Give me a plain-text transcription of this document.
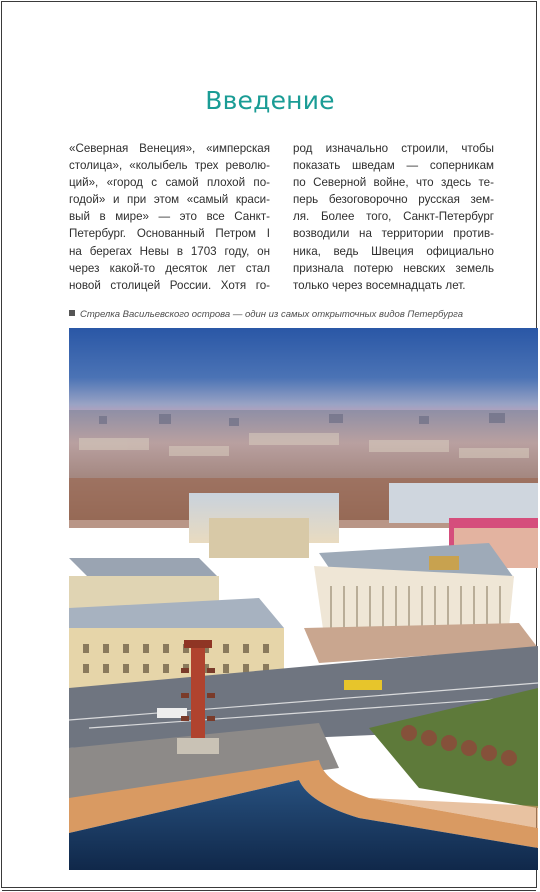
Введение
«Северная Венеция», «имперская
столица», «колыбель трех револю-
ций», «город с самой плохой по-
годой» и при этом «самый краси-
вый в мире» — это все Санкт-
Петербург. Основанный Петром I
на берегах Невы в 1703 году, он
через какой-то десяток лет стал
новой столицей России. Хотя го-
род изначально строили, чтобы
показать шведам — соперникам
по Северной войне, что здесь те-
перь безоговорочно русская зем-
ля. Более того, Санкт-Петербург
возводили на территории против-
ника, ведь Швеция официально
признала потерю невских земель
только через восемнадцать лет.
Стрелка Васильевского острова — один из самых открыточных видов Петербурга
